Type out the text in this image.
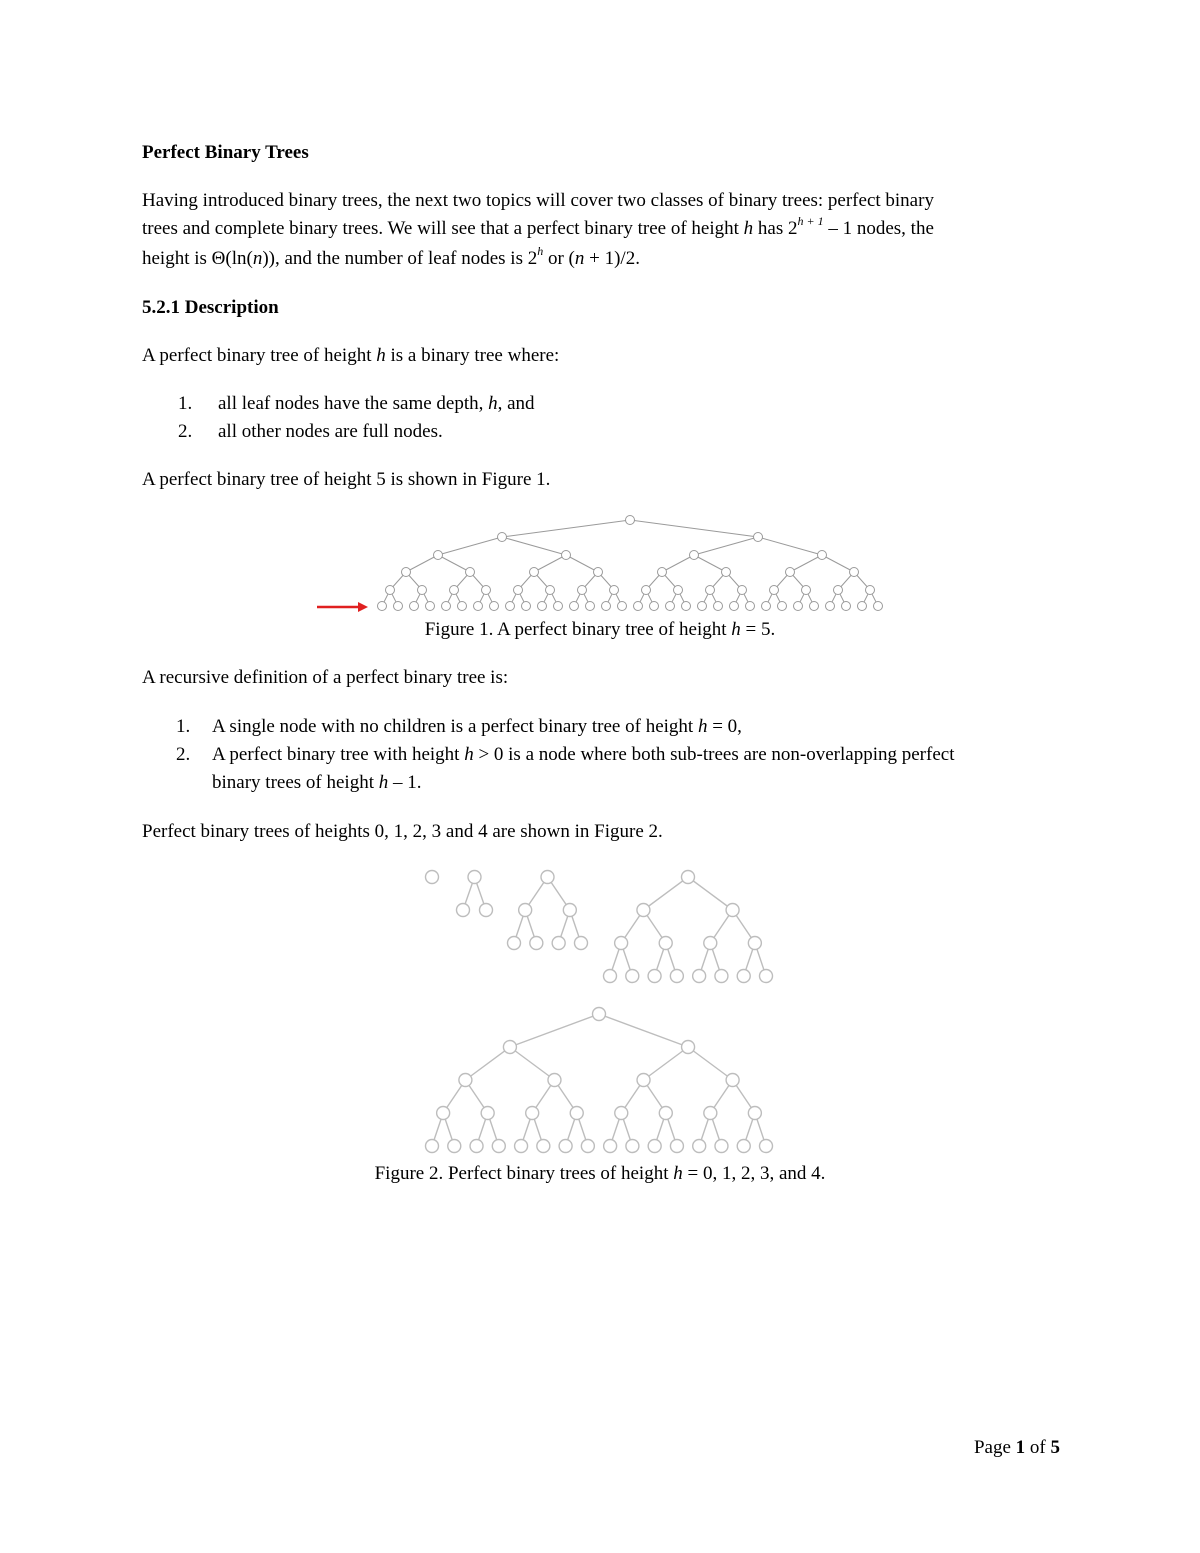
Perfect Binary Trees
Having introduced binary trees, the next two topics will cover two classes of binary trees: perfect binary
trees and complete binary trees. We will see that a perfect binary tree of height h has $2^{h + 1} - 1$ nodes, the
height is Θ(ln(n)), and the number of leaf nodes is 2$^h$ or (n + 1)/2.
5.2.1 Description
A perfect binary tree of height h is a binary tree where:
1. all leaf nodes have the same depth, h, and
2. all other nodes are full nodes.
A perfect binary tree of height 5 is shown in Figure 1.
Figure 1. A perfect binary tree of height h = 5.
A recursive definition of a perfect binary tree is:
1. A single node with no children is a perfect binary tree of height h = 0,
2. A perfect binary tree with height h > 0 is a node where both sub-trees are non-overlapping perfect
binary trees of height h – 1.
Perfect binary trees of heights 0, 1, 2, 3 and 4 are shown in Figure 2.
Figure 2. Perfect binary trees of height h = 0, 1, 2, 3, and 4.
Page 1 of 5
